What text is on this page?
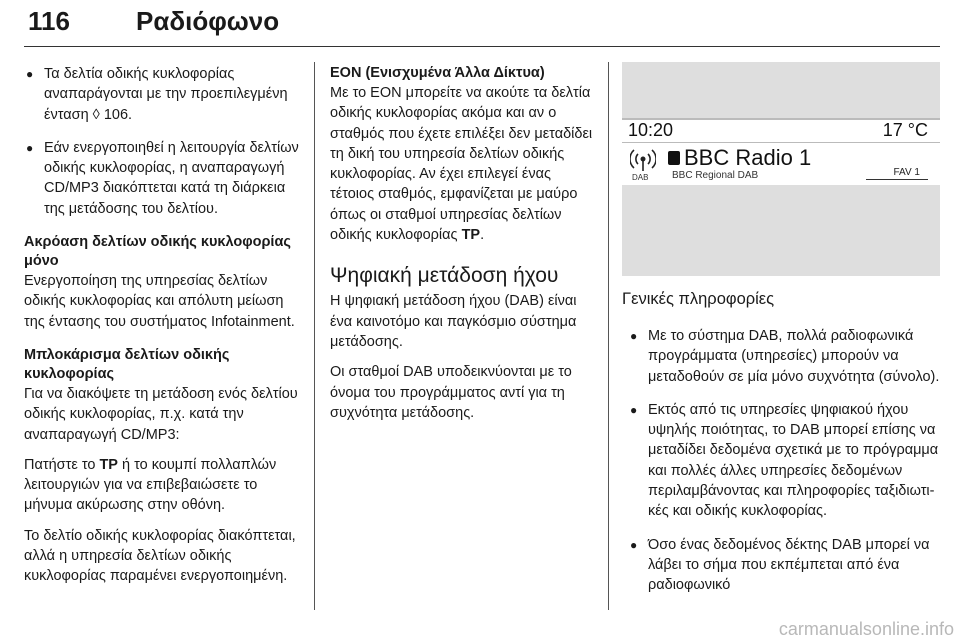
116	Ραδιόφωνο
● Τα δελτία οδικής κυκλοφορίας αναπαράγονται με την προεπιλεγμένη ένταση ◊ 106.
● Εάν ενεργοποιηθεί η λειτουργία δελτίων οδικής κυκλοφορίας, η αναπαραγωγή CD/MP3 διακόπτεται κατά τη διάρκεια της μετάδοσης του δελτίου.
Ακρόαση δελτίων οδικής κυκλοφορίας μόνο

Ενεργοποίηση της υπηρεσίας δελτίων οδικής κυκλοφορίας και απόλυτη μείωση της έντασης του συστήματος Infotainment.

Μπλοκάρισμα δελτίων οδικής κυκλοφορίας

Για να διακόψετε τη μετάδοση ενός δελτίου οδικής κυκλοφορίας, π.χ. κατά την αναπαραγωγή CD/MP3:

Πατήστε το TP ή το κουμπί πολλαπλών λειτουργιών για να επιβεβαιώσετε το μήνυμα ακύρωσης στην οθόνη.

Το δελτίο οδικής κυκλοφορίας διακόπτεται, αλλά η υπηρεσία δελτίων οδικής κυκλοφορίας παραμένει ενεργοποιημένη.

EON (Ενισχυμένα Άλλα Δίκτυα)

Με το EON μπορείτε να ακούτε τα δελτία οδικής κυκλοφορίας ακόμα και αν ο σταθμός που έχετε επιλέξει δεν μεταδίδει τη δική του υπηρεσία δελτίων οδικής κυκλοφορίας. Αν έχει επιλεγεί ένας τέτοιος σταθμός, εμφανίζεται με μαύρο όπως οι σταθμοί υπηρεσίας δελτίων οδικής κυκλοφορίας TP.

Ψηφιακή μετάδοση ήχου

Η ψηφιακή μετάδοση ήχου (DAB) είναι ένα καινοτόμο και παγκόσμιο σύστημα μετάδοσης.

Οι σταθμοί DAB υποδεικνύονται με το όνομα του προγράμματος αντί για τη συχνότητα μετάδοσης.

10:20	17 °C
DAB
BBC Radio 1
BBC Regional DAB	FAV 1
Γενικές πληροφορίες
● Με το σύστημα DAB, πολλά ραδιοφωνικά προγράμματα (υπηρεσίες) μπορούν να μεταδοθούν σε μία μόνο συχνότητα (σύνολο).
● Εκτός από τις υπηρεσίες ψηφιακού ήχου υψηλής ποιότητας, το DAB μπορεί επίσης να μεταδίδει δεδομένα σχετικά με το πρόγραμμα και πολλές άλλες υπηρεσίες δεδομένων περιλαμβάνοντας και πληροφορίες ταξιδιωτικές και οδικής κυκλοφορίας.
● Όσο ένας δεδομένος δέκτης DAB μπορεί να λάβει το σήμα που εκπέμπεται από ένα ραδιοφωνικό
carmanualsonline.info
